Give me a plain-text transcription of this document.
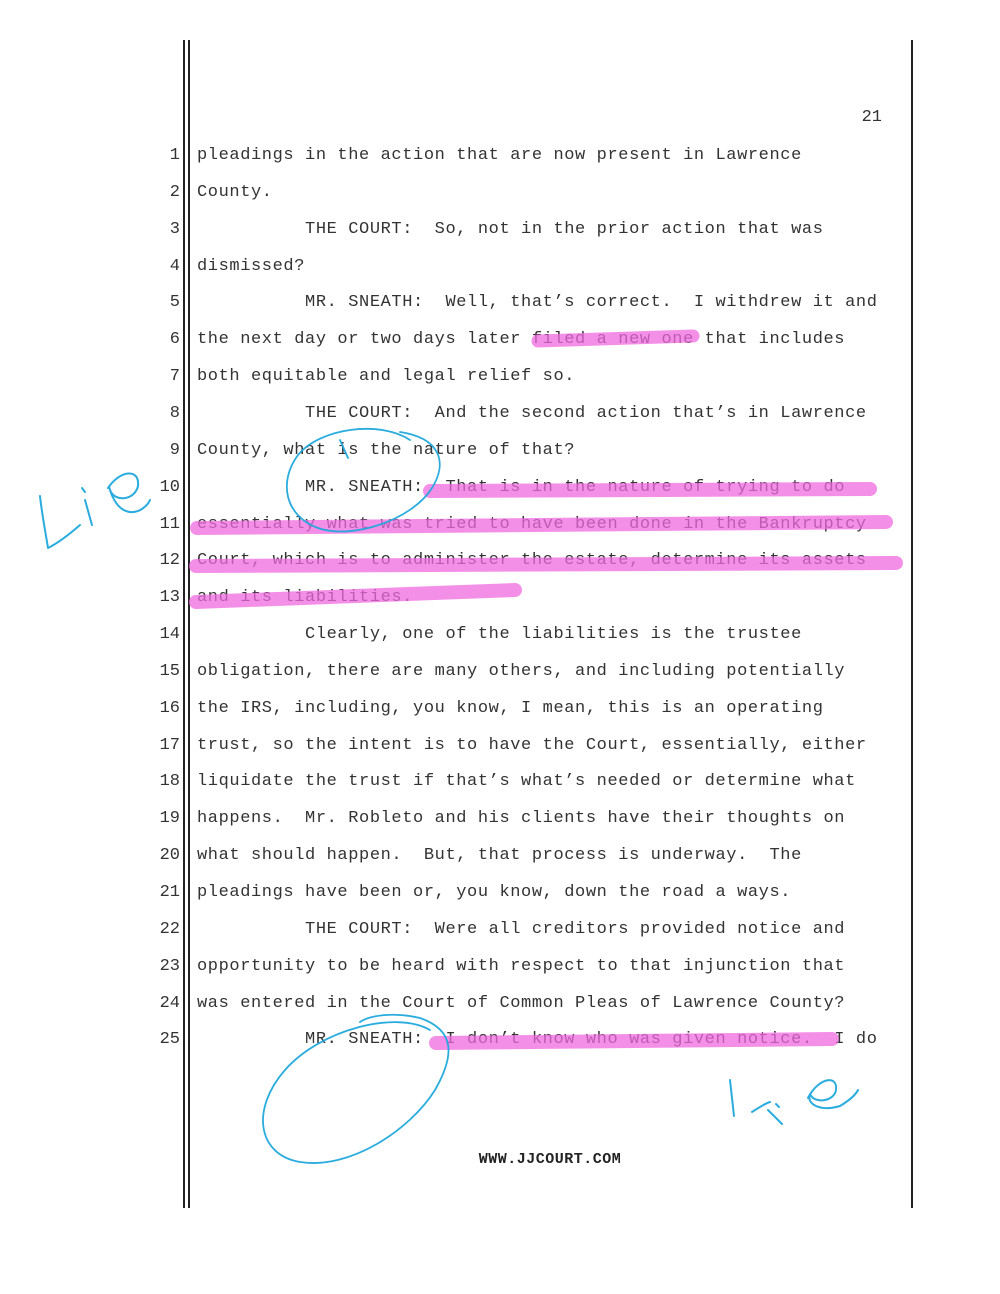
21
1 pleadings in the action that are now present in Lawrence
2 County.
3 THE COURT:  So, not in the prior action that was
4 dismissed?
5 MR. SNEATH:  Well, that’s correct.  I withdrew it and
6 the next day or two days later filed a new one that includes
7 both equitable and legal relief so.
8 THE COURT:  And the second action that’s in Lawrence
9 County, what is the nature of that?
10 MR. SNEATH:  That is in the nature of trying to do
11 essentially what was tried to have been done in the Bankruptcy
12 Court, which is to administer the estate, determine its assets
13 and its liabilities.
14 Clearly, one of the liabilities is the trustee
15 obligation, there are many others, and including potentially
16 the IRS, including, you know, I mean, this is an operating
17 trust, so the intent is to have the Court, essentially, either
18 liquidate the trust if that’s what’s needed or determine what
19 happens.  Mr. Robleto and his clients have their thoughts on
20 what should happen.  But, that process is underway.  The
21 pleadings have been or, you know, down the road a ways.
22 THE COURT:  Were all creditors provided notice and
23 opportunity to be heard with respect to that injunction that
24 was entered in the Court of Common Pleas of Lawrence County?
25 MR. SNEATH:  I don’t know who was given notice.  I do
WWW.JJCOURT.COM
